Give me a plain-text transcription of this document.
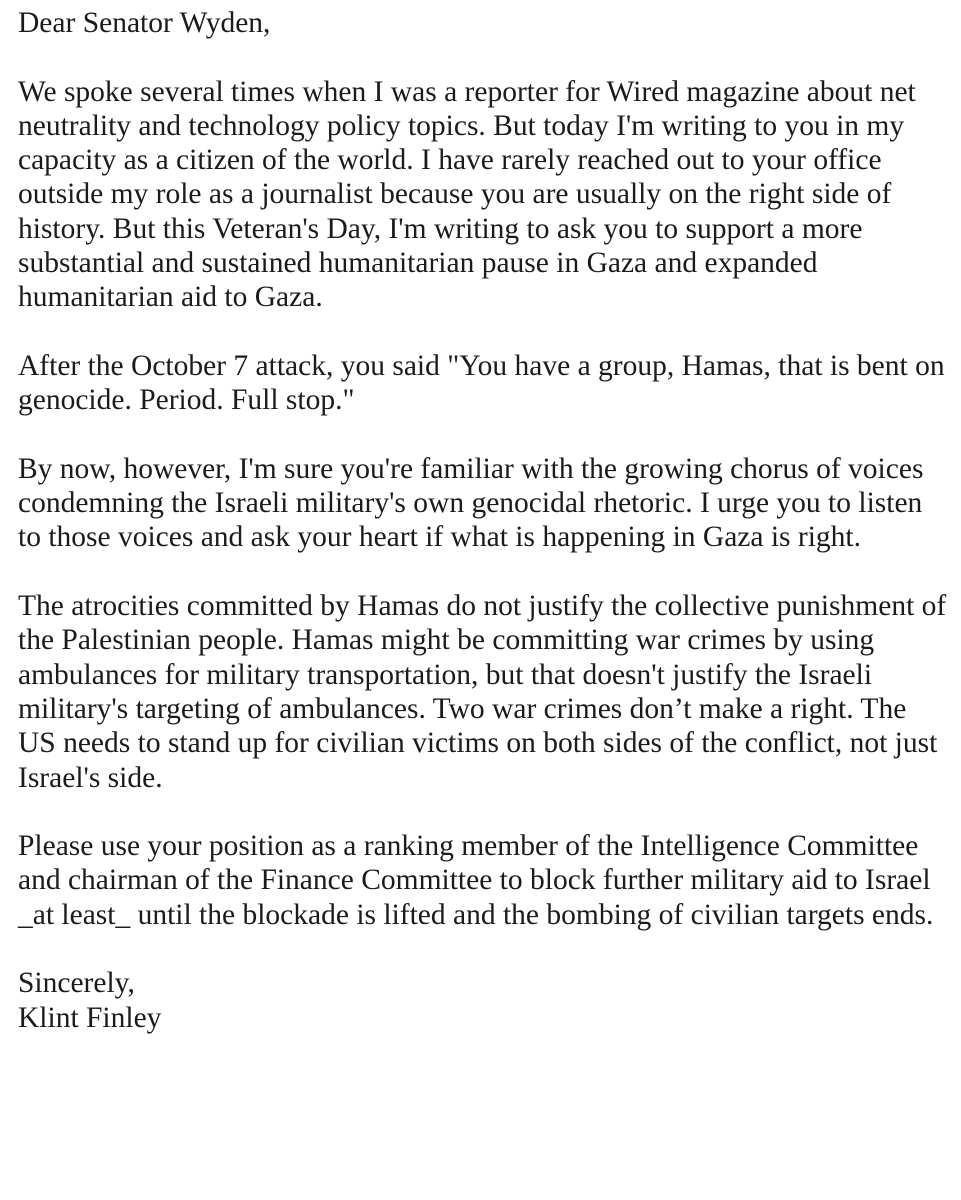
Dear Senator Wyden,

We spoke several times when I was a reporter for Wired magazine about net neutrality and technology policy topics. But today I'm writing to you in my capacity as a citizen of the world. I have rarely reached out to your office outside my role as a journalist because you are usually on the right side of history. But this Veteran's Day, I'm writing to ask you to support a more substantial and sustained humanitarian pause in Gaza and expanded humanitarian aid to Gaza.

After the October 7 attack, you said "You have a group, Hamas, that is bent on genocide. Period. Full stop."

By now, however, I'm sure you're familiar with the growing chorus of voices condemning the Israeli military's own genocidal rhetoric. I urge you to listen to those voices and ask your heart if what is happening in Gaza is right.

The atrocities committed by Hamas do not justify the collective punishment of the Palestinian people. Hamas might be committing war crimes by using ambulances for military transportation, but that doesn't justify the Israeli military's targeting of ambulances. Two war crimes don’t make a right. The US needs to stand up for civilian victims on both sides of the conflict, not just Israel's side.

Please use your position as a ranking member of the Intelligence Committee and chairman of the Finance Committee to block further military aid to Israel _at least_ until the blockade is lifted and the bombing of civilian targets ends.

Sincerely,

Klint Finley
